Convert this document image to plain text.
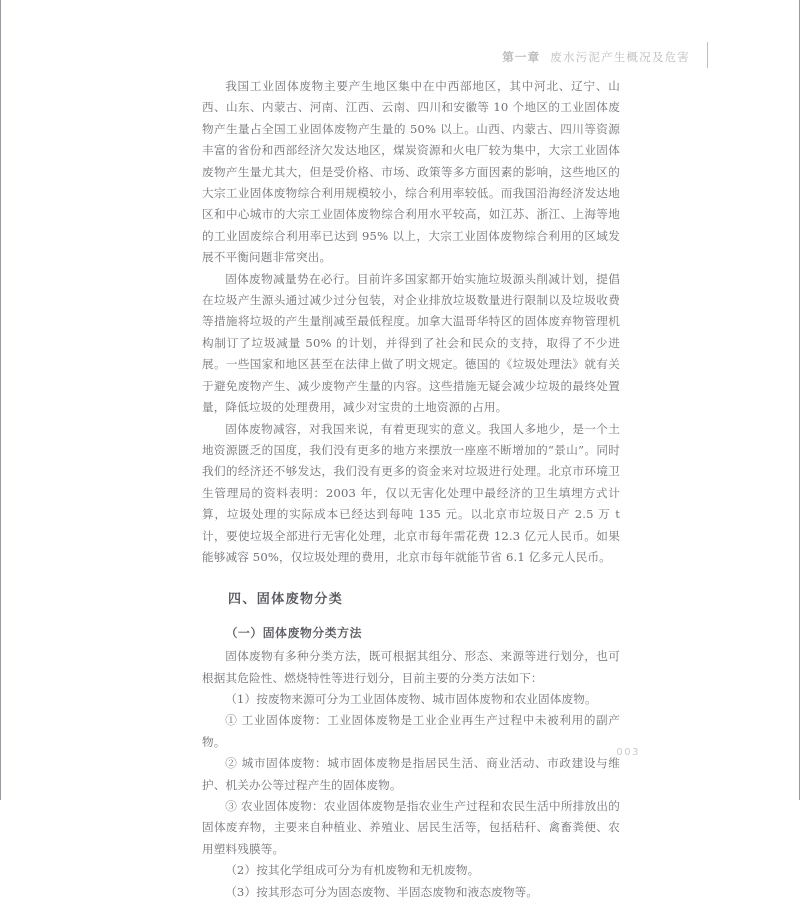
第一章 废水污泥产生概况及危害

我国工业固体废物主要产生地区集中在中西部地区，其中河北、辽宁、山西、山东、内蒙古、河南、江西、云南、四川和安徽等 10 个地区的工业固体废物产生量占全国工业固体废物产生量的 50% 以上。山西、内蒙古、四川等资源丰富的省份和西部经济欠发达地区，煤炭资源和火电厂较为集中，大宗工业固体废物产生量尤其大，但是受价格、市场、政策等多方面因素的影响，这些地区的大宗工业固体废物综合利用规模较小，综合利用率较低。而我国沿海经济发达地区和中心城市的大宗工业固体废物综合利用水平较高，如江苏、浙江、上海等地的工业固废综合利用率已达到 95% 以上，大宗工业固体废物综合利用的区域发展不平衡问题非常突出。

固体废物减量势在必行。目前许多国家都开始实施垃圾源头削减计划，提倡在垃圾产生源头通过减少过分包装，对企业排放垃圾数量进行限制以及垃圾收费等措施将垃圾的产生量削减至最低程度。加拿大温哥华特区的固体废弃物管理机构制订了垃圾减量 50% 的计划，并得到了社会和民众的支持，取得了不少进展。一些国家和地区甚至在法律上做了明文规定。德国的《垃圾处理法》就有关于避免废物产生、减少废物产生量的内容。这些措施无疑会减少垃圾的最终处置量，降低垃圾的处理费用，减少对宝贵的土地资源的占用。

固体废物减容，对我国来说，有着更现实的意义。我国人多地少，是一个土地资源匮乏的国度，我们没有更多的地方来摆放一座座不断增加的“景山”。同时我们的经济还不够发达，我们没有更多的资金来对垃圾进行处理。北京市环境卫生管理局的资料表明：2003 年，仅以无害化处理中最经济的卫生填埋方式计算，垃圾处理的实际成本已经达到每吨 135 元。以北京市垃圾日产 2.5 万 t 计，要使垃圾全部进行无害化处理，北京市每年需花费 12.3 亿元人民币。如果能够减容 50%，仅垃圾处理的费用，北京市每年就能节省 6.1 亿多元人民币。

四、固体废物分类
（一）固体废物分类方法

固体废物有多种分类方法，既可根据其组分、形态、来源等进行划分，也可根据其危险性、燃烧特性等进行划分，目前主要的分类方法如下：

（1）按废物来源可分为工业固体废物、城市固体废物和农业固体废物。

① 工业固体废物：工业固体废物是工业企业再生产过程中未被利用的副产物。

② 城市固体废物：城市固体废物是指居民生活、商业活动、市政建设与维护、机关办公等过程产生的固体废物。

③ 农业固体废物：农业固体废物是指农业生产过程和农民生活中所排放出的固体废弃物，主要来自种植业、养殖业、居民生活等，包括秸秆、禽畜粪便、农用塑料残膜等。

（2）按其化学组成可分为有机废物和无机废物。

（3）按其形态可分为固态废物、半固态废物和液态废物等。

003
